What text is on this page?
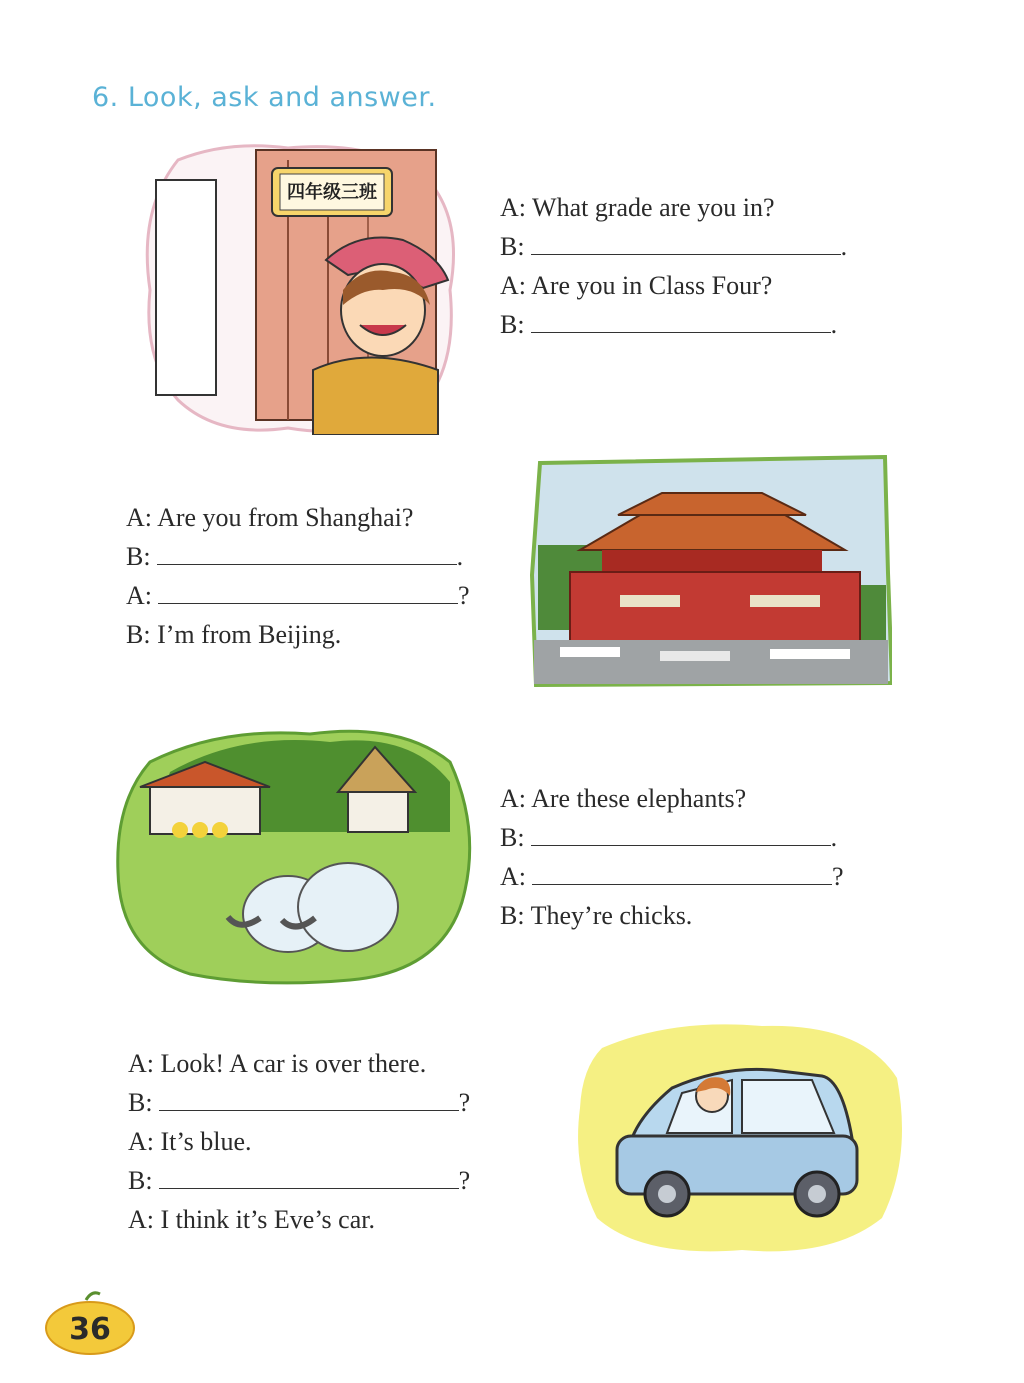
6. Look, ask and answer.
四年级三班
A: What grade are you in?
B:	.
A: Are you in Class Four?
B:	.
A: Are you from Shanghai?
B:	.
A:	?
B: I’m from Beijing.
A: Are these elephants?
B:	.
A:	?
B: They’re chicks.
A: Look! A car is over there.
B:	?
A: It’s blue.
B:	?
A: I think it’s Eve’s car.
36
